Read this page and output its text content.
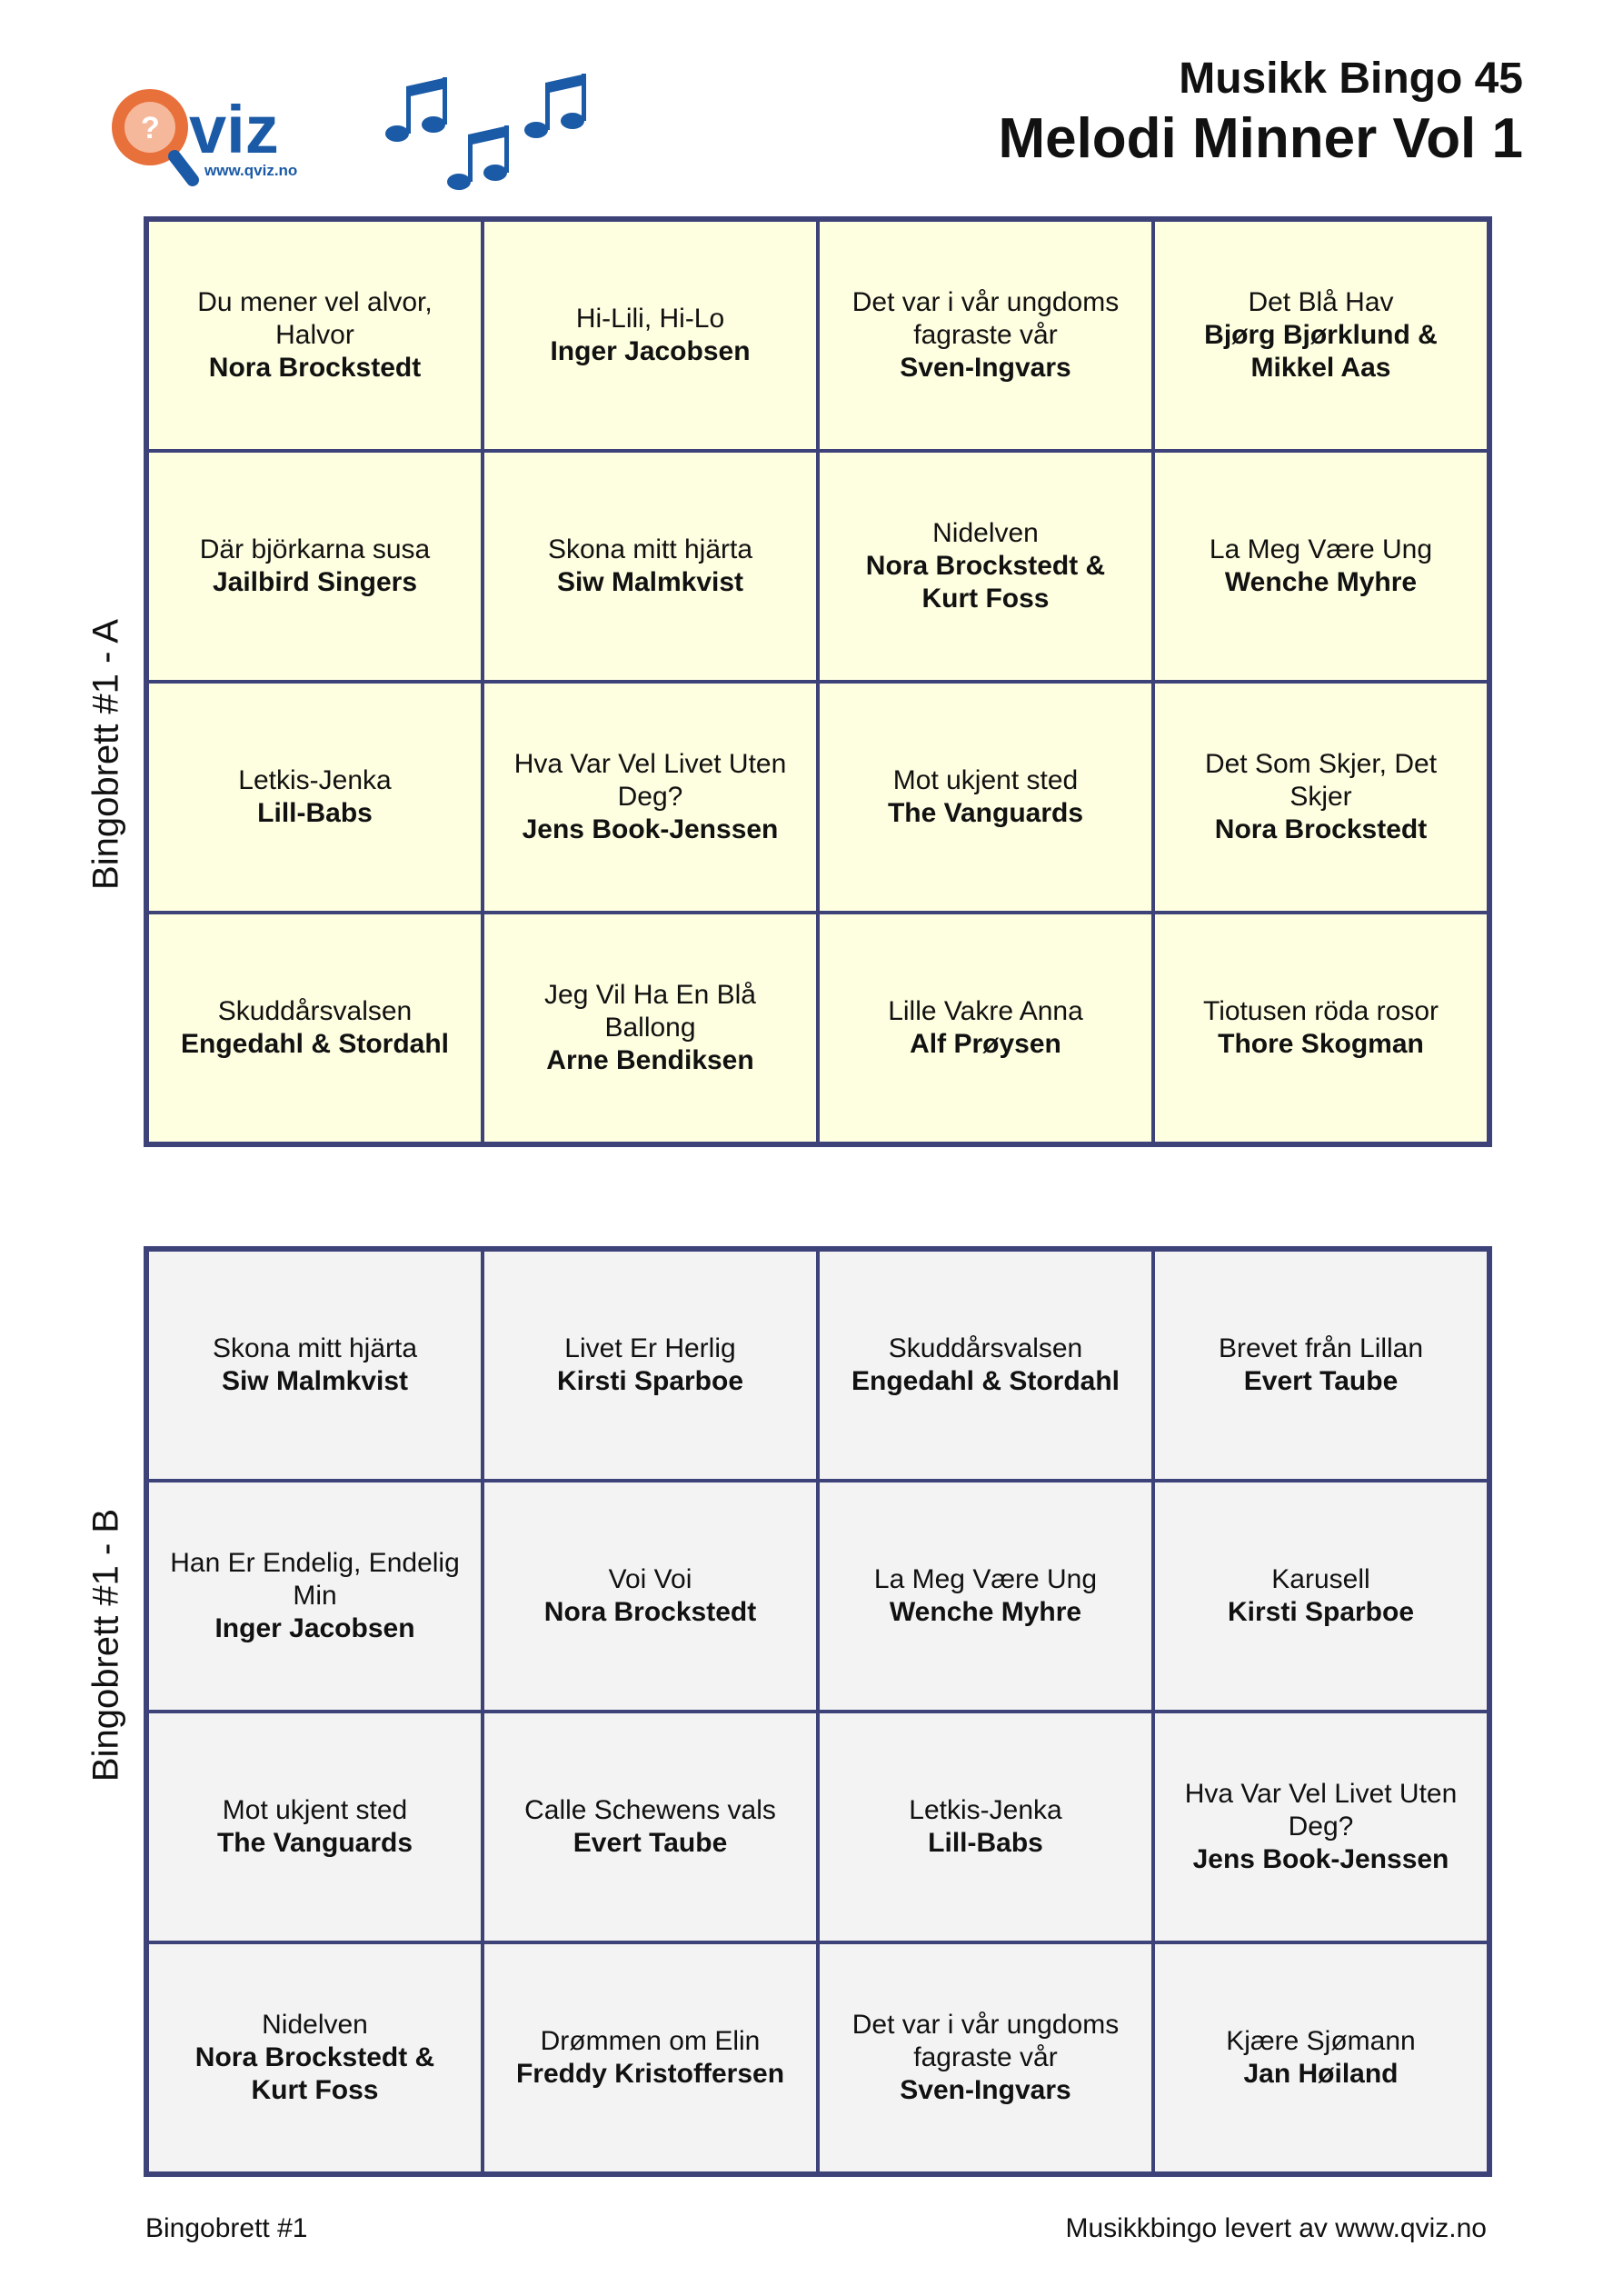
? viz
www.qviz.no
Musikk Bingo 45
Melodi Minner Vol 1
Bingobrett #1 - A
Bingobrett #1 - B
Du mener vel alvor, Halvor
Nora Brockstedt
Hi-Lili, Hi-Lo
Inger Jacobsen
Det var i vår ungdoms fagraste vår
Sven-Ingvars
Det Blå Hav
Bjørg Bjørklund & Mikkel Aas
Där björkarna susa
Jailbird Singers
Skona mitt hjärta
Siw Malmkvist
Nidelven
Nora Brockstedt & Kurt Foss
La Meg Være Ung
Wenche Myhre
Letkis-Jenka
Lill-Babs
Hva Var Vel Livet Uten Deg?
Jens Book-Jenssen
Mot ukjent sted
The Vanguards
Det Som Skjer, Det Skjer
Nora Brockstedt
Skuddårsvalsen
Engedahl & Stordahl
Jeg Vil Ha En Blå Ballong
Arne Bendiksen
Lille Vakre Anna
Alf Prøysen
Tiotusen röda rosor
Thore Skogman
Skona mitt hjärta
Siw Malmkvist
Livet Er Herlig
Kirsti Sparboe
Skuddårsvalsen
Engedahl & Stordahl
Brevet från Lillan
Evert Taube
Han Er Endelig, Endelig Min
Inger Jacobsen
Voi Voi
Nora Brockstedt
La Meg Være Ung
Wenche Myhre
Karusell
Kirsti Sparboe
Mot ukjent sted
The Vanguards
Calle Schewens vals
Evert Taube
Letkis-Jenka
Lill-Babs
Hva Var Vel Livet Uten Deg?
Jens Book-Jenssen
Nidelven
Nora Brockstedt & Kurt Foss
Drømmen om Elin
Freddy Kristoffersen
Det var i vår ungdoms fagraste vår
Sven-Ingvars
Kjære Sjømann
Jan Høiland
Bingobrett #1	Musikkbingo levert av www.qviz.no
